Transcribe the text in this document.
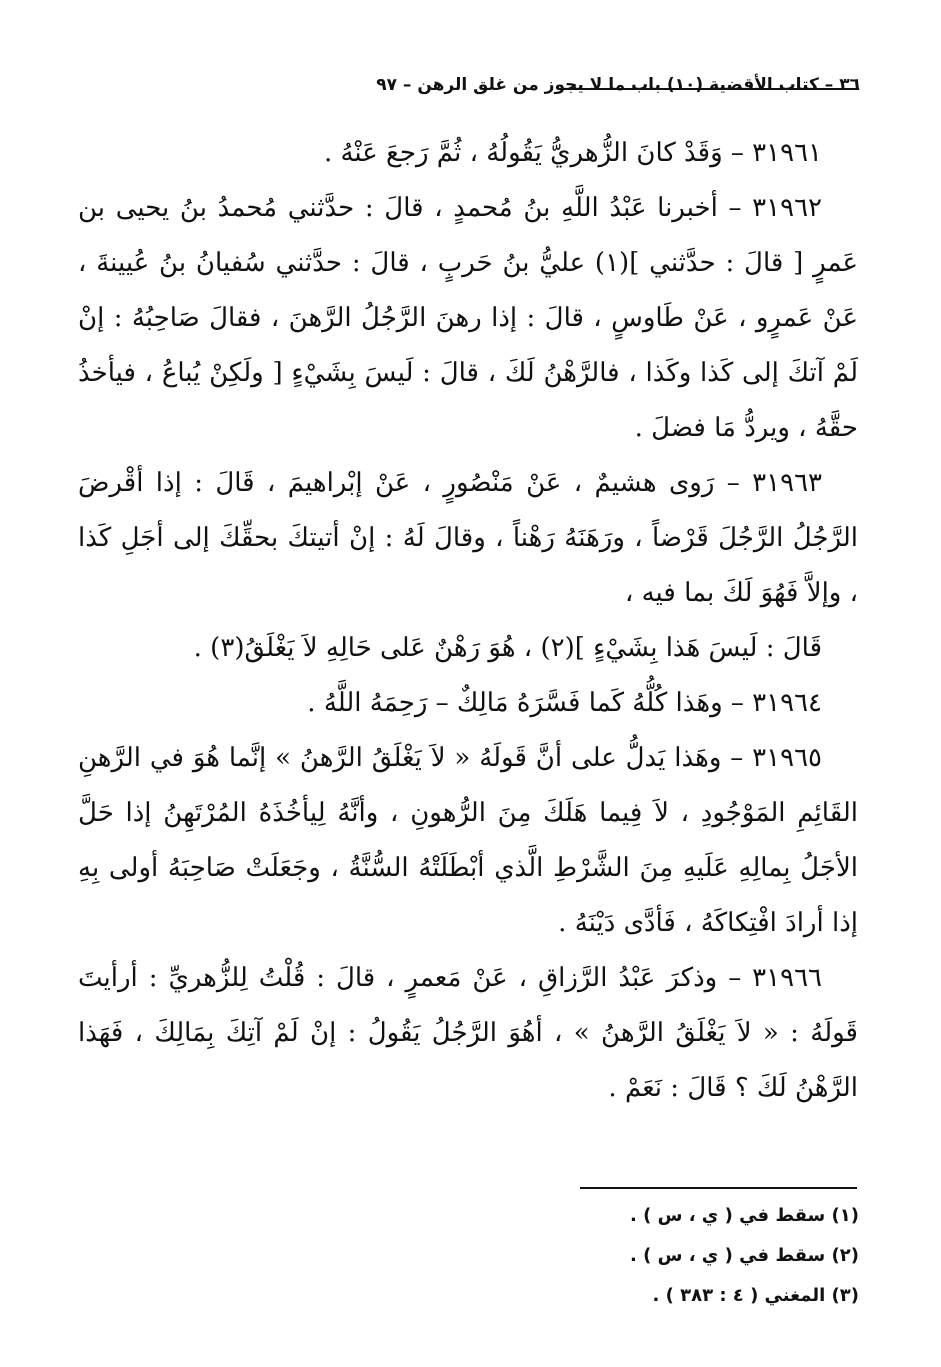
٣٦ – كتاب الأقضية (١٠) باب ما لا يجوز من غلق الرهن – ٩٧

٣١٩٦١ – وَقَدْ كانَ الزُّهريُّ يَقُولُهُ ، ثُمَّ رَجعَ عَنْهُ .

٣١٩٦٢ – أخبرنا عَبْدُ اللَّهِ بنُ مُحمدٍ ، قالَ : حدَّثني مُحمدُ بنُ يحيى بن عَمرٍ [ قالَ : حدَّثني ](١) عليُّ بنُ حَربٍ ، قالَ : حدَّثني سُفيانُ بنُ عُيينةَ ، عَنْ عَمرٍو ، عَنْ طَاوسٍ ، قالَ : إذا رهنَ الرَّجُلُ الرَّهنَ ، فقالَ صَاحِبُهُ : إنْ لَمْ آتكَ إلى كَذا وكَذا ، فالرَّهْنُ لَكَ ، قالَ : لَيسَ بِشَيْءٍ [ ولَكِنْ يُباعُ ، فيأخذُ حقَّهُ ، ويردُّ مَا فضلَ .

٣١٩٦٣ – رَوى هشيمٌ ، عَنْ مَنْصُورٍ ، عَنْ إبْراهيمَ ، قَالَ : إذا أقْرضَ الرَّجُلُ الرَّجُلَ قَرْضاً ، ورَهَنَهُ رَهْناً ، وقالَ لَهُ : إنْ أتيتكَ بحقِّكَ إلى أجَلِ كَذا ، وإلاَّ فَهُوَ لَكَ بما فيه ،

قَالَ : لَيسَ هَذا بِشَيْءٍ ](٢) ، هُوَ رَهْنٌ عَلى حَالِهِ لاَ يَغْلَقُ(٣) .

٣١٩٦٤ – وهَذا كُلُّهُ كَما فَسَّرَهُ مَالِكٌ – رَحِمَهُ اللَّهُ .

٣١٩٦٥ – وهَذا يَدلُّ على أنَّ قَولَهُ « لاَ يَغْلَقُ الرَّهنُ » إنَّما هُوَ في الرَّهنِ القَائِمِ المَوْجُودِ ، لاَ فِيما هَلَكَ مِنَ الرُّهونِ ، وأنَّهُ لِيأخُذَهُ المُرْتَهِنُ إذا حَلَّ الأجَلُ بِمالِهِ عَلَيهِ مِنَ الشَّرْطِ الَّذي أبْطَلَتْهُ السُّنَّةُ ، وجَعَلَتْ صَاحِبَهُ أولى بِهِ إذا أرادَ افْتِكاكَهُ ، فَأدَّى دَيْنَهُ .

٣١٩٦٦ – وذكرَ عَبْدُ الرَّزاقِ ، عَنْ مَعمرٍ ، قالَ : قُلْتُ لِلزُّهريِّ : أرأيتَ قَولَهُ : « لاَ يَغْلَقُ الرَّهنُ » ، أهُوَ الرَّجُلُ يَقُولُ : إنْ لَمْ آتِكَ بِمَالِكَ ، فَهَذا الرَّهْنُ لَكَ ؟ قَالَ : نَعَمْ .

(١) سقط في ( ي ، س ) .
(٢) سقط في ( ي ، س ) .
(٣) المغني ( ٤ : ٣٨٣ ) .
